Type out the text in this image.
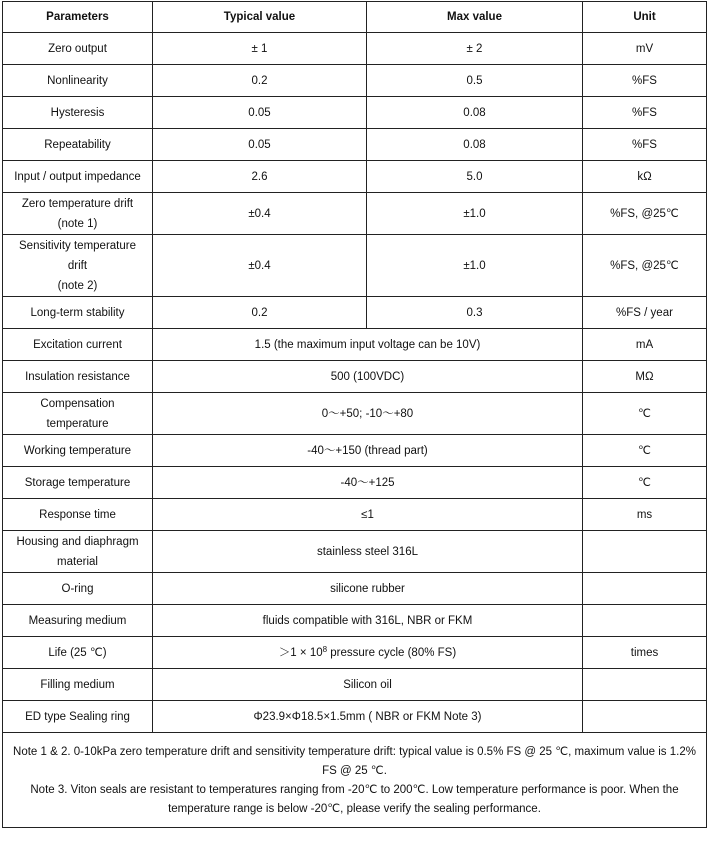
Parameters	Typical value	Max value	Unit
Zero output	± 1	± 2	mV
Nonlinearity	0.2	0.5	%FS
Hysteresis	0.05	0.08	%FS
Repeatability	0.05	0.08	%FS
Input / output impedance	2.6	5.0	kΩ

Zero temperature drift
(note 1)	±0.4	±1.0	%FS, @25℃

Sensitivity temperature
drift
(note 2)	±0.4	±1.0	%FS, @25℃
Long-term stability	0.2	0.3	%FS / year
Excitation current	1.5 (the maximum input voltage can be 10V)		mA
Insulation resistance	500 (100VDC)		MΩ

Compensation
temperature	0～+50; -10～+80		℃
Working temperature	-40～+150 (thread part)		℃
Storage temperature	-40～+125		℃
Response time	≤1		ms

Housing and diaphragm
material	stainless steel 316L		
O-ring	silicone rubber		
Measuring medium	fluids compatible with 316L, NBR or FKM		
Life (25 ℃)	$>1 \times 10^8$ pressure cycle (80% FS)		times
Filling medium	Silicon oil		
ED type Sealing ring	Φ23.9×Φ18.5×1.5mm ( NBR or FKM Note 3)		

Note 1 & 2. 0-10kPa zero temperature drift and sensitivity temperature drift: typical value is 0.5% FS @ 25 ℃, maximum value is 1.2% FS @ 25 ℃.
Note 3. Viton seals are resistant to temperatures ranging from -20℃ to 200℃. Low temperature performance is poor. When the temperature range is below -20℃, please verify the sealing performance.			
